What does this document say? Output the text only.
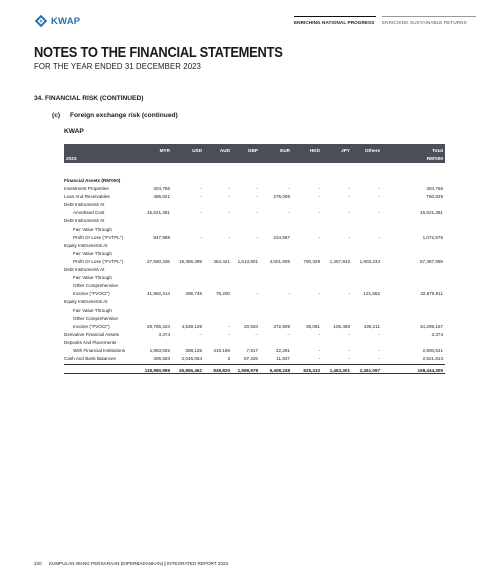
KWAP	ENRICHING NATIONAL PROGRESS	ENRICHING SUSTAINABLE RETURNS
NOTES TO THE FINANCIAL STATEMENTS
FOR THE YEAR ENDED 31 DECEMBER 2023
34. FINANCIAL RISK (CONTINUED)
(c) Foreign exchange risk (continued)
KWAP
2023	RM'000
MYR	USD	AUD	GBP	EUR	HKD	JPY	Others	Total
Financial Assets (RM'000)
Investment Properties	304,756	-	-	-	-	-	-	-	304,756
Loan And Receivables	485,821	-	-	-	275,008	-	-	-	760,829
Debt Instruments At
Amortised Cost	16,621,391	-	-	-	-	-	-	-	16,621,391
Debt Instruments At
Fair Value Through
Profit Or Loss ("FVTPL")	847,988	-	-	-	224,587	-	-	-	1,072,575
Equity Instruments At
Fair Value Through
Profit Or Loss ("FVTPL")	27,580,336 19,386,389 354,421 1,513,801	4,501,606	790,329 1,357,842 1,903,234	57,387,958
Debt Instruments At
Fair Value Through
Other Comprehensive
Income ("FVOCI")	41,982,314	495,745	76,200	-	-	-	-	121,652	42,675,911
Equity Instruments At
Fair Value Through
Other Comprehensive
Income ("FVOCI")	28,785,424	4,539,139	-	20,934	372,909	35,081	105,459	436,211	34,295,157
Derivative Financial Assets	3,374	-	-	-	-	-	-	-	3,374
Deposits And Placements
With Financial Institutions	1,963,002	388,135 419,196	7,917	22,291	-	-	-	2,800,541
Cash And Bank Balances	406,583	2,046,054	3	57,326	11,847	-	-	-	2,521,813
118,980,989 26,855,462 849,820 1,599,978	5,408,248	825,410 1,463,301 2,461,097	158,444,305
220 KUMPULAN WANG PERSARAAN (DIPERBADANKAN) | INTEGRATED REPORT 2023
